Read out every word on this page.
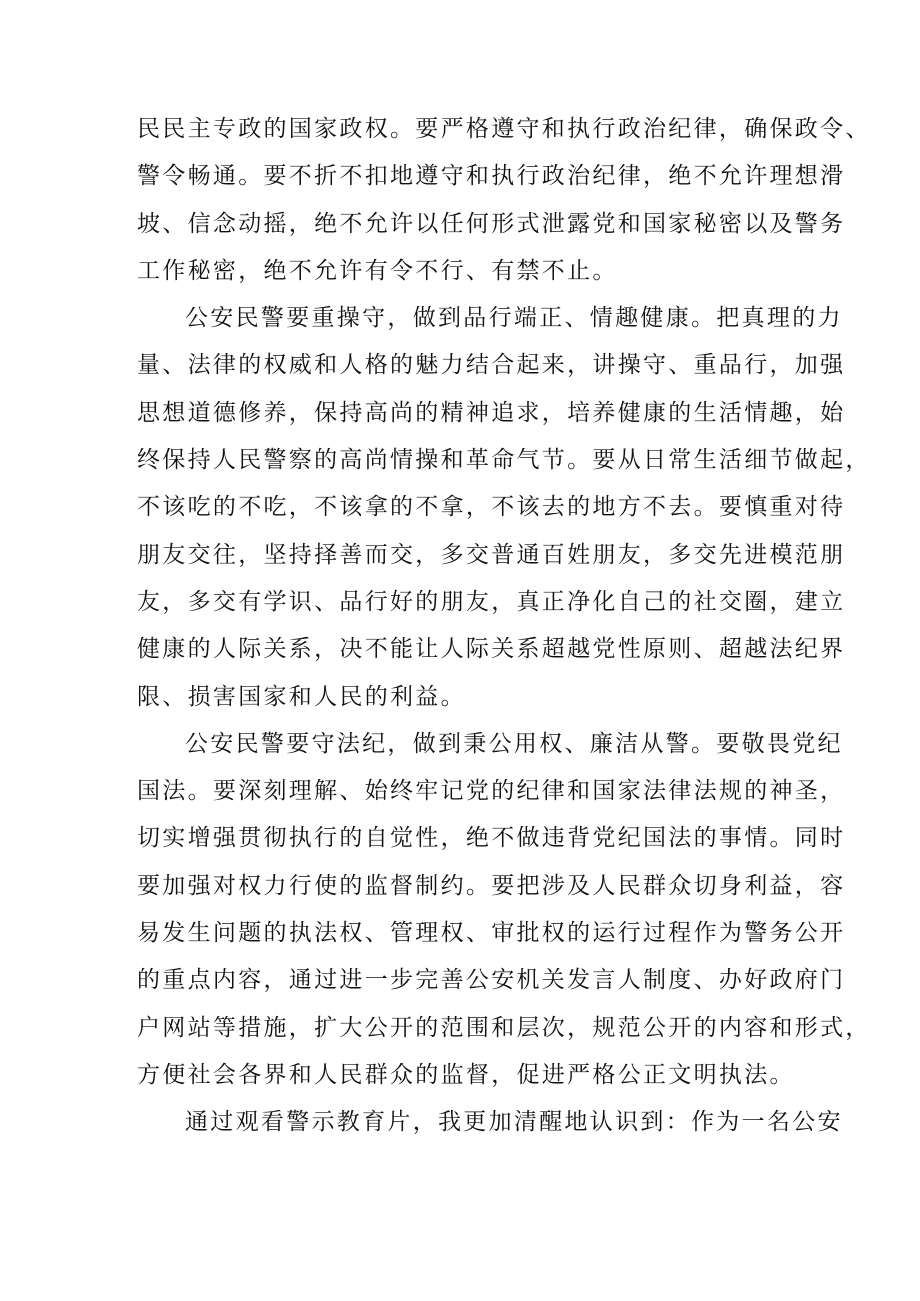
民民主专政的国家政权。要严格遵守和执行政治纪律，确保政令、
警令畅通。要不折不扣地遵守和执行政治纪律，绝不允许理想滑
坡、信念动摇，绝不允许以任何形式泄露党和国家秘密以及警务
工作秘密，绝不允许有令不行、有禁不止。
公安民警要重操守，做到品行端正、情趣健康。把真理的力
量、法律的权威和人格的魅力结合起来，讲操守、重品行，加强
思想道德修养，保持高尚的精神追求，培养健康的生活情趣，始
终保持人民警察的高尚情操和革命气节。要从日常生活细节做起，
不该吃的不吃，不该拿的不拿，不该去的地方不去。要慎重对待
朋友交往，坚持择善而交，多交普通百姓朋友，多交先进模范朋
友，多交有学识、品行好的朋友，真正净化自己的社交圈，建立
健康的人际关系，决不能让人际关系超越党性原则、超越法纪界
限、损害国家和人民的利益。
公安民警要守法纪，做到秉公用权、廉洁从警。要敬畏党纪
国法。要深刻理解、始终牢记党的纪律和国家法律法规的神圣，
切实增强贯彻执行的自觉性，绝不做违背党纪国法的事情。同时
要加强对权力行使的监督制约。要把涉及人民群众切身利益，容
易发生问题的执法权、管理权、审批权的运行过程作为警务公开
的重点内容，通过进一步完善公安机关发言人制度、办好政府门
户网站等措施，扩大公开的范围和层次，规范公开的内容和形式，
方便社会各界和人民群众的监督，促进严格公正文明执法。
通过观看警示教育片，我更加清醒地认识到：作为一名公安
